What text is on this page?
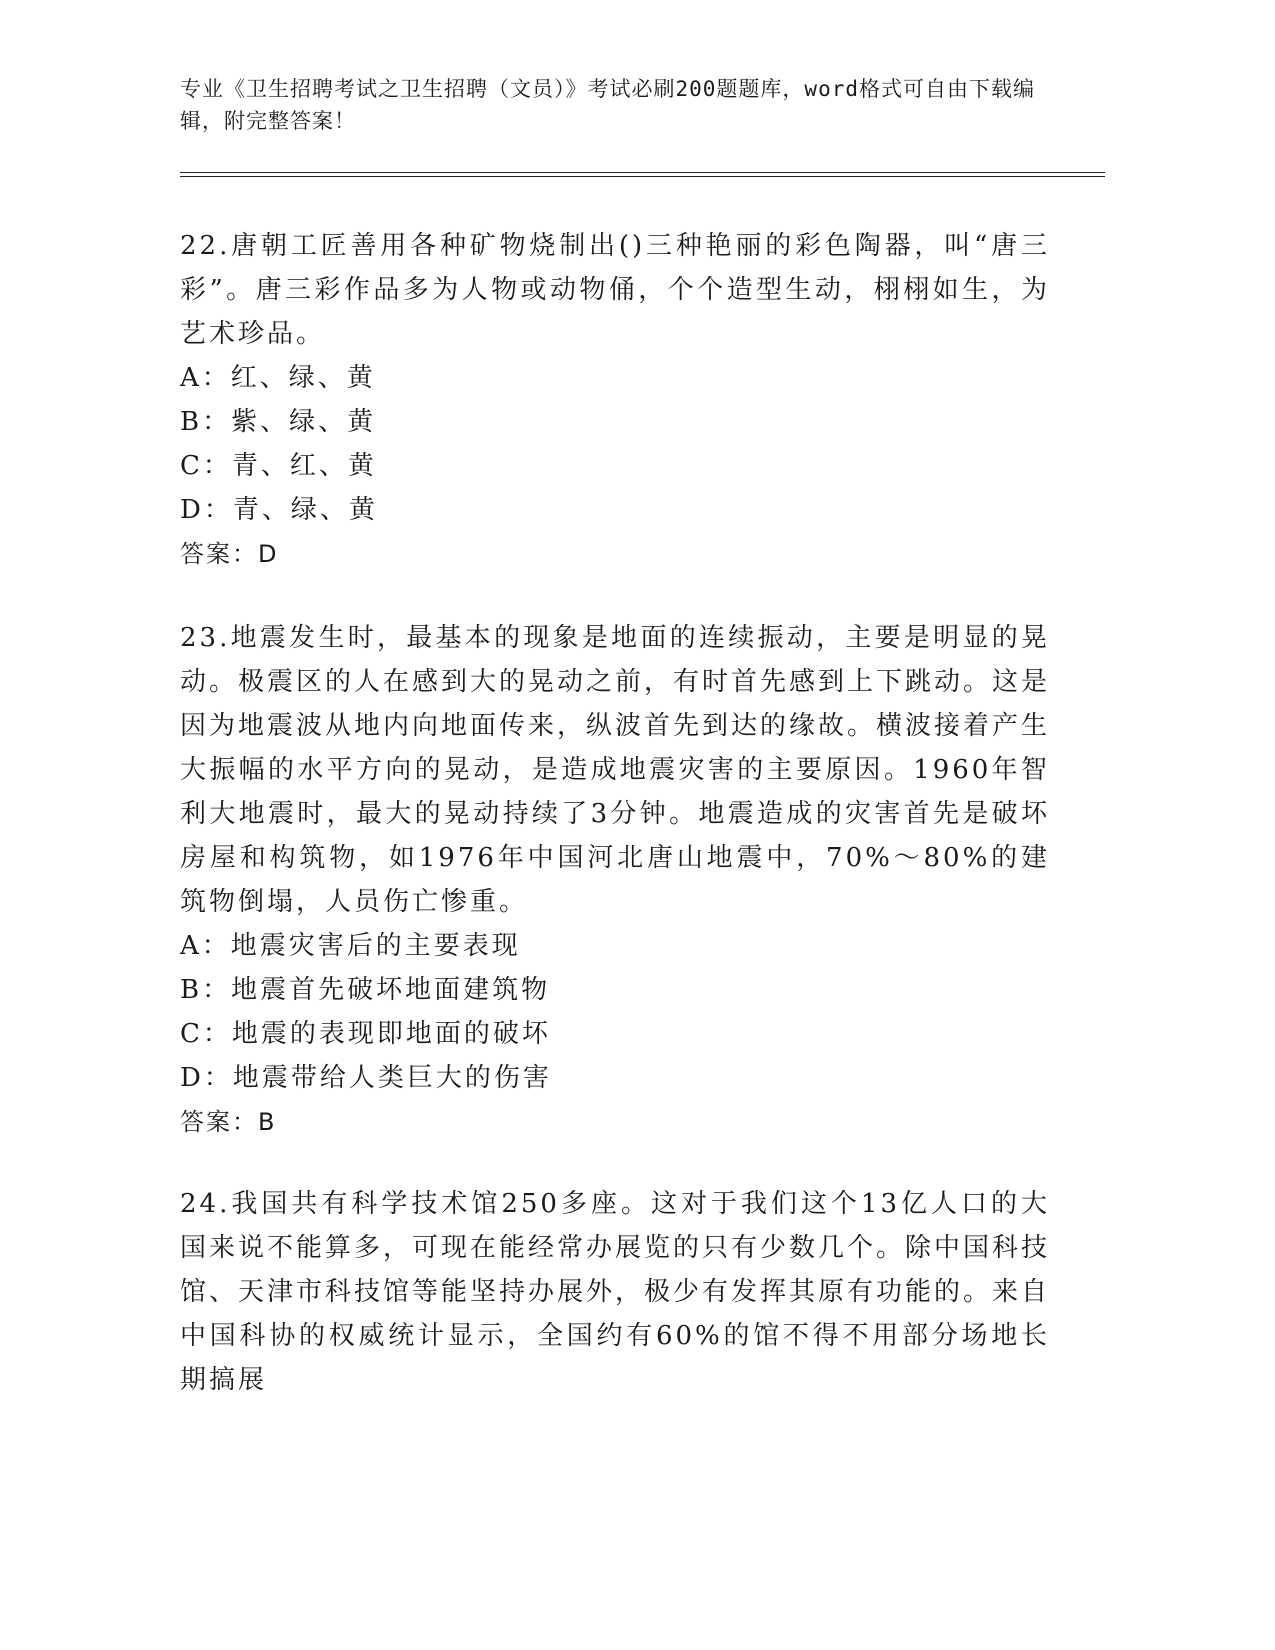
专业《卫生招聘考试之卫生招聘（文员）》考试必刷200题题库，word格式可自由下载编辑，附完整答案！
22.唐朝工匠善用各种矿物烧制出()三种艳丽的彩色陶器，叫“唐三彩”。唐三彩作品多为人物或动物俑，个个造型生动，栩栩如生，为艺术珍品。
A：红、绿、黄
B：紫、绿、黄
C：青、红、黄
D：青、绿、黄
答案：D
23.地震发生时，最基本的现象是地面的连续振动，主要是明显的晃动。极震区的人在感到大的晃动之前，有时首先感到上下跳动。这是因为地震波从地内向地面传来，纵波首先到达的缘故。横波接着产生大振幅的水平方向的晃动，是造成地震灾害的主要原因。1960年智利大地震时，最大的晃动持续了3分钟。地震造成的灾害首先是破坏房屋和构筑物，如1976年中国河北唐山地震中，70%～80%的建筑物倒塌，人员伤亡惨重。
A：地震灾害后的主要表现
B：地震首先破坏地面建筑物
C：地震的表现即地面的破坏
D：地震带给人类巨大的伤害
答案：B
24.我国共有科学技术馆250多座。这对于我们这个13亿人口的大国来说不能算多，可现在能经常办展览的只有少数几个。除中国科技馆、天津市科技馆等能坚持办展外，极少有发挥其原有功能的。来自中国科协的权威统计显示，全国约有60%的馆不得不用部分场地长期搞展
